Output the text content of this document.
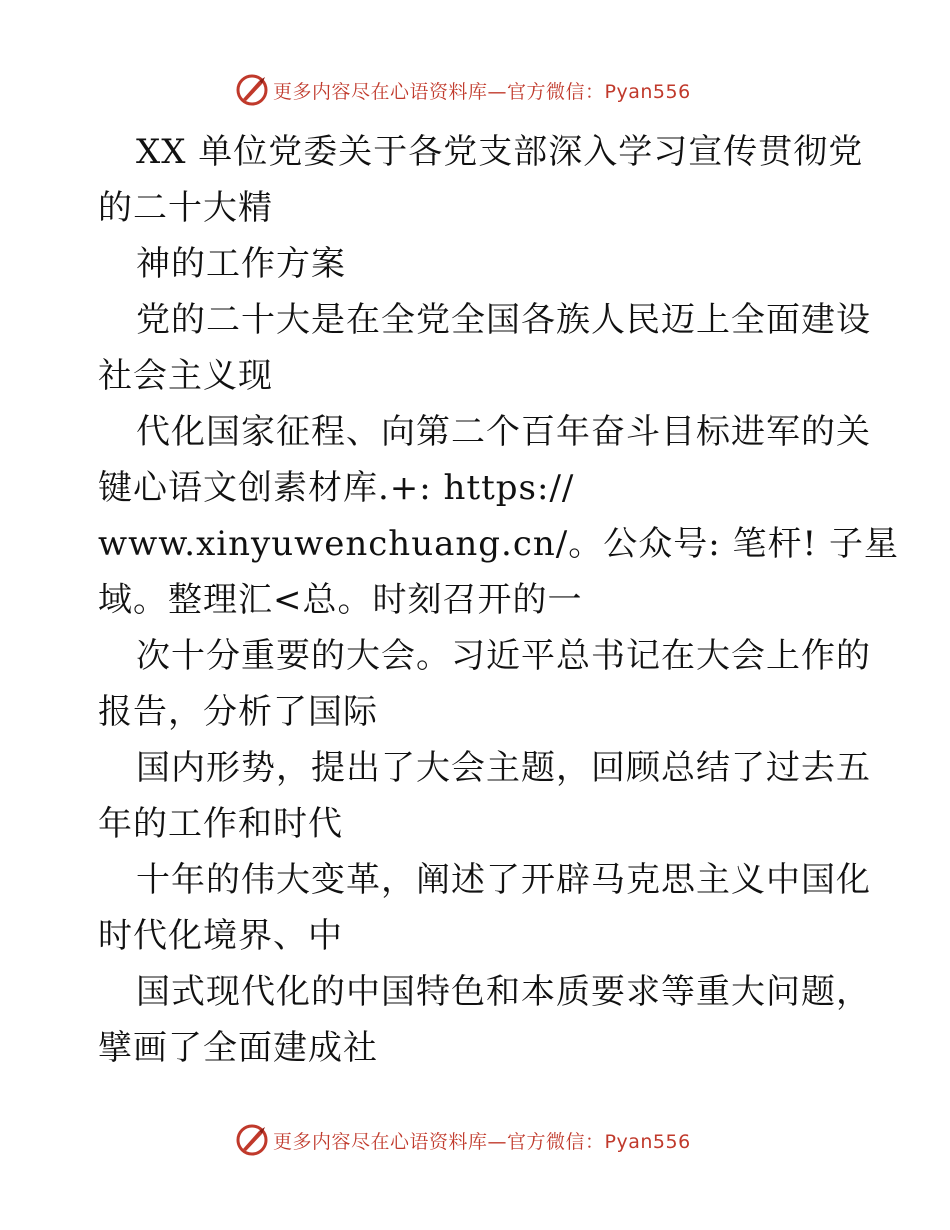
更多内容尽在心语资料库—官方微信：Pyan556

XX 单位党委关于各党支部深入学习宣传贯彻党

的二十大精

神的工作方案

党的二十大是在全党全国各族人民迈上全面建设

社会主义现

代化国家征程、向第二个百年奋斗目标进军的关

键心语文创素材库.+: https://

www.xinyuwenchuang.cn/。公众号: 笔杆! 子星

域。整理汇<总。时刻召开的一

次十分重要的大会。习近平总书记在大会上作的

报告，分析了国际

国内形势，提出了大会主题，回顾总结了过去五

年的工作和时代

十年的伟大变革，阐述了开辟马克思主义中国化

时代化境界、中

国式现代化的中国特色和本质要求等重大问题，

擘画了全面建成社

更多内容尽在心语资料库—官方微信：Pyan556
